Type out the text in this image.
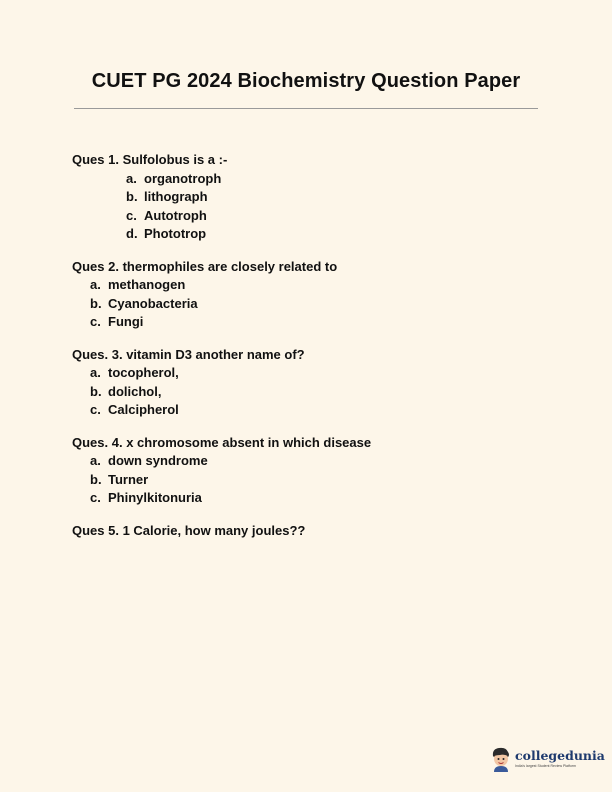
CUET PG 2024 Biochemistry Question Paper
Ques 1. Sulfolobus is a :-
a. organotroph
b. lithograph
c. Autotroph
d. Phototrop
Ques 2. thermophiles are closely related to
a. methanogen
b. Cyanobacteria
c. Fungi
Ques. 3. vitamin D3 another name of?
a. tocopherol,
b. dolichol,
c. Calcipherol
Ques. 4. x chromosome absent in which disease
a. down syndrome
b. Turner
c. Phinylkitonuria
Ques 5. 1 Calorie, how many joules??
collegedunia
India's largest Student Review Platform
